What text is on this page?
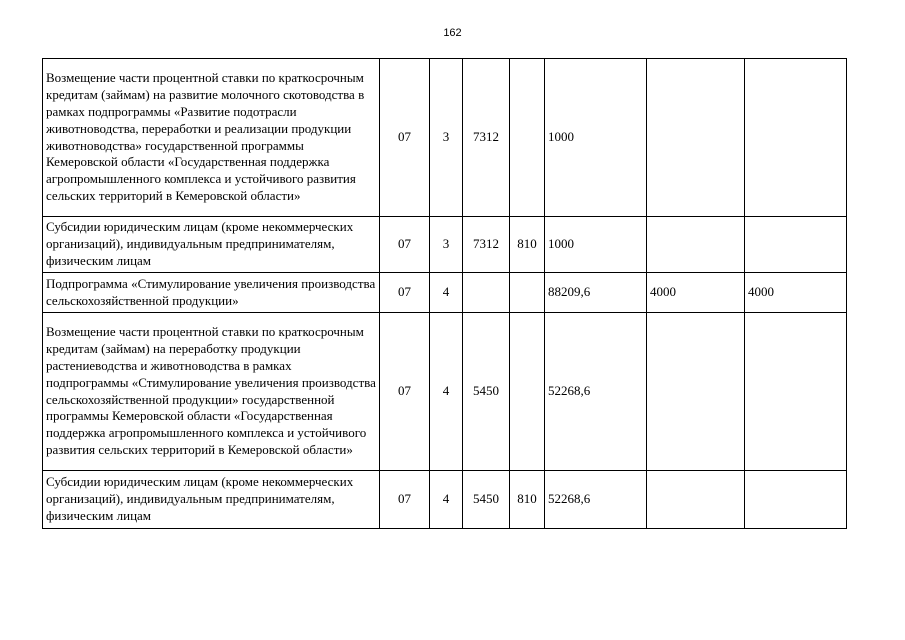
162
Возмещение части процентной ставки по краткосрочным кредитам (займам) на развитие молочного скотоводства в рамках подпрограммы «Развитие подотрасли животноводства, переработки и реализации продукции животноводства» государственной программы Кемеровской области «Государственная поддержка агропромышленного комплекса и устойчивого развития сельских территорий в Кемеровской области»	07	3	7312		1000		
Субсидии юридическим лицам (кроме некоммерческих организаций), индивидуальным предпринимателям, физическим лицам	07	3	7312	810	1000		
Подпрограмма «Стимулирование увеличения производства сельскохозяйственной продукции»	07	4			88209,6	4000	4000
Возмещение части процентной ставки по краткосрочным кредитам (займам) на переработку продукции растениеводства и животноводства в рамках подпрограммы «Стимулирование увеличения производства сельскохозяйственной продукции» государственной программы Кемеровской области «Государственная поддержка агропромышленного комплекса и устойчивого развития сельских территорий в Кемеровской области»	07	4	5450		52268,6		
Субсидии юридическим лицам (кроме некоммерческих организаций), индивидуальным предпринимателям, физическим лицам	07	4	5450	810	52268,6		
